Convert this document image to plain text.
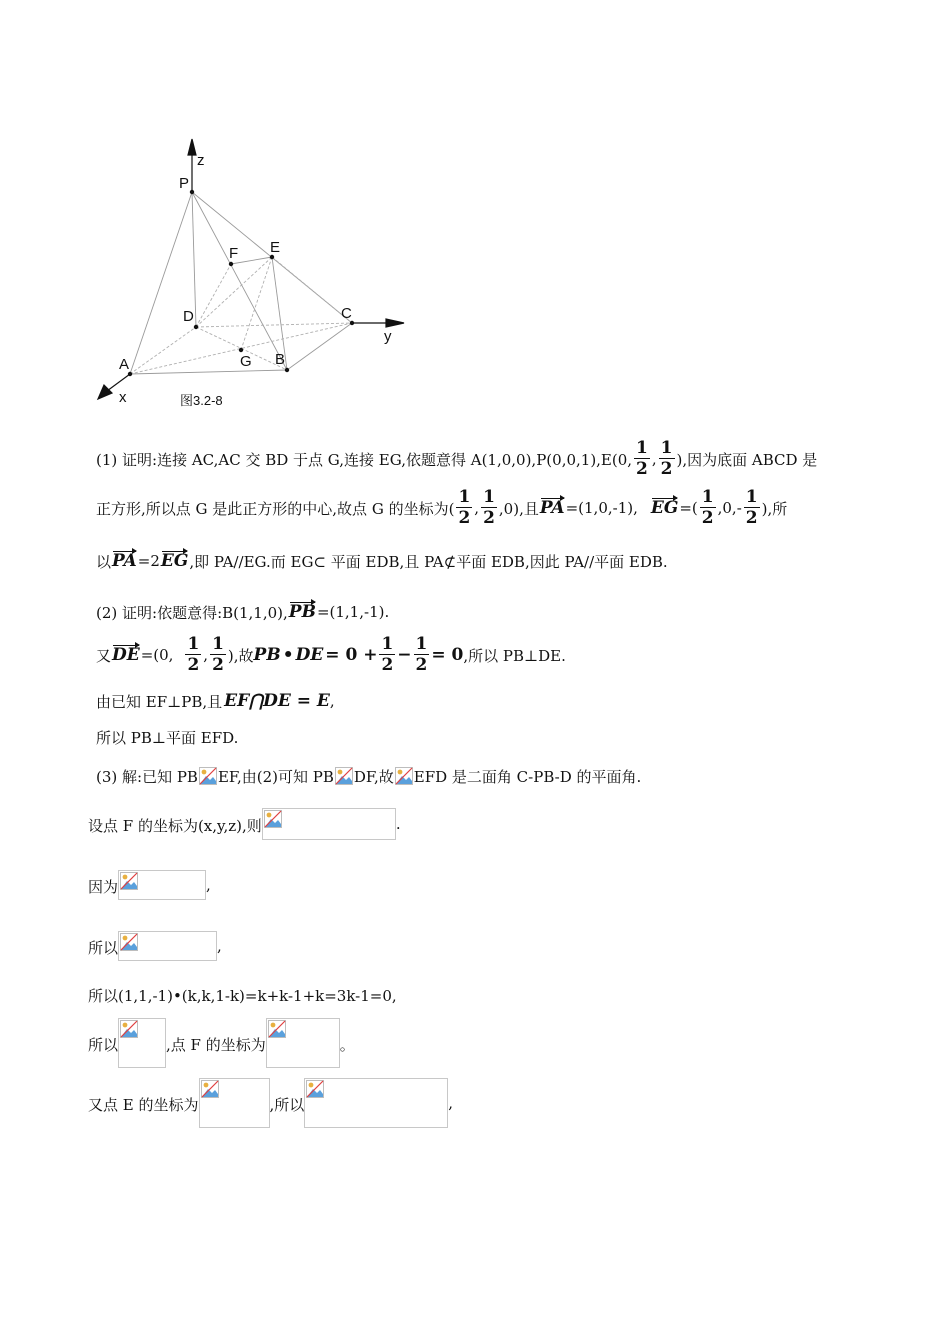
z
P
F E
D	C
y
A	G B
x	图3.2-8
(1) 证明:连接 AC,AC 交 BD 于点 G,连接 EG,依题意得 A(1,0,0),P(0,0,1),E(0, $\frac{1}{2}$ , $\frac{1}{2}$ ),因为底面 ABCD 是
正方形,所以点 G 是此正方形的中心,故点 G 的坐标为( $\frac{1}{2}$ , $\frac{1}{2} ,0$),且 PA =(1,0,-1), EG =( $\frac{1}{2} ,0,- \frac{1}{2}$ ),所
以 PA =2 EG ,即 PA//EG.而 EG⊂ 平面 EDB,且 PA⊄平面 EDB,因此 PA//平面 EDB.
(2) 证明:依题意得:B(1,1,0), PB =(1,1,-1).
又 DE =(0, $\frac{1}{2}$ , $\frac{1}{2}$ ),故 PB • DE = $0 + \frac{1}{2} - \frac{1}{2} = 0$ ,所以 PB⊥DE.
由已知 EF⊥PB,且 EF⋂DE = E ,
所以 PB⊥平面 EFD.
(3) 解:已知 PB EF,由(2)可知 PB DF,故 EFD 是二面角 C-PB-D 的平面角.
设点 F 的坐标为(x,y,z),则	.
因为	,
所以	,
所以(1,1,-1)•(k,k,1-k)=k+k-1+k=3k-1=0,
所以	,点 F 的坐标为	。
又点 E 的坐标为	,所以	,
